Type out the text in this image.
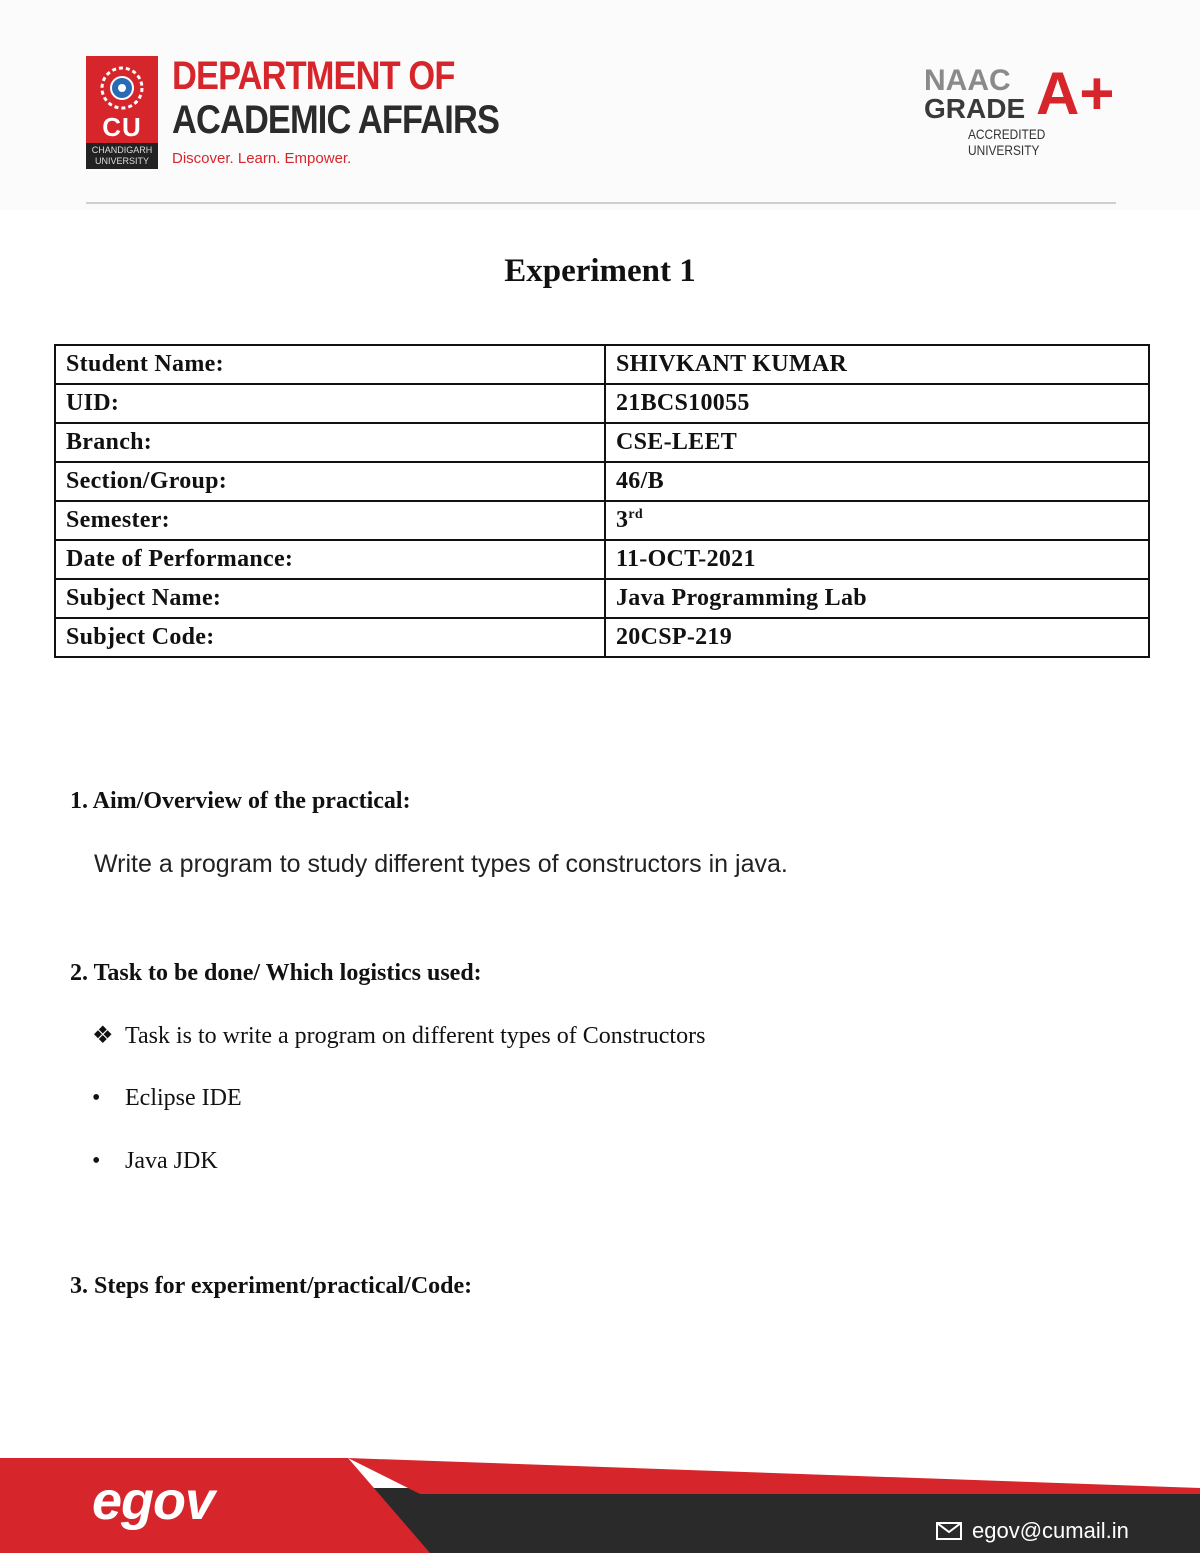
CU
CHANDIGARH UNIVERSITY
DEPARTMENT OF
ACADEMIC AFFAIRS
Discover. Learn. Empower.
NAAC
GRADE A+
ACCREDITED UNIVERSITY
Experiment 1
Student Name:	SHIVKANT KUMAR
UID:	21BCS10055
Branch:	CSE-LEET
Section/Group:	46/B
Semester:	3rd
Date of Performance:	11-OCT-2021
Subject Name:	Java Programming Lab
Subject Code:	20CSP-219
1. Aim/Overview of the practical:
Write a program to study different types of constructors in java.
2. Task to be done/ Which logistics used:
❖ Task is to write a program on different types of Constructors
• Eclipse IDE
• Java JDK
3. Steps for experiment/practical/Code:
egov	egov@cumail.in
